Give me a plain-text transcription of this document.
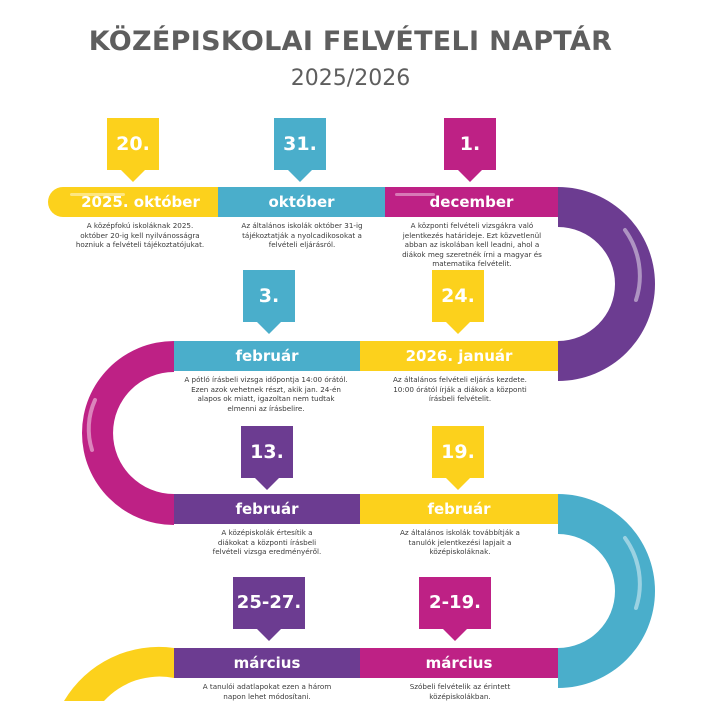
KÖZÉPISKOLAI FELVÉTELI NAPTÁR
2025/2026
20.
2025. október
A középfokú iskoláknak 2025.
október 20-ig kell nyilvánosságra
hozniuk a felvételi tájékoztatójukat.
31.
október
Az általános iskolák október 31-ig
tájékoztatják a nyolcadikosokat a
felvételi eljárásról.
1.
december
A központi felvételi vizsgákra való
jelentkezés határideje. Ezt közvetlenül
abban az iskolában kell leadni, ahol a
diákok meg szeretnék írni a magyar és
matematika felvételit.
24.
2026. január
Az általános felvételi eljárás kezdete.
10:00 órától írják a diákok a központi
írásbeli felvételit.
3.
február
A pótló írásbeli vizsga időpontja 14:00 órától.
Ezen azok vehetnek részt, akik jan. 24-én
alapos ok miatt, igazoltan nem tudtak
elmenni az írásbelire.
13.
február
A középiskolák értesítik a
diákokat a központi írásbeli
felvételi vizsga eredményéről.
19.
február
Az általános iskolák továbbítják a
tanulók jelentkezési lapjait a
középiskoláknak.
25-27.
március
A tanulói adatlapokat ezen a három
napon lehet módosítani.
2-19.
március
Szóbeli felvételik az érintett
középiskolákban.
